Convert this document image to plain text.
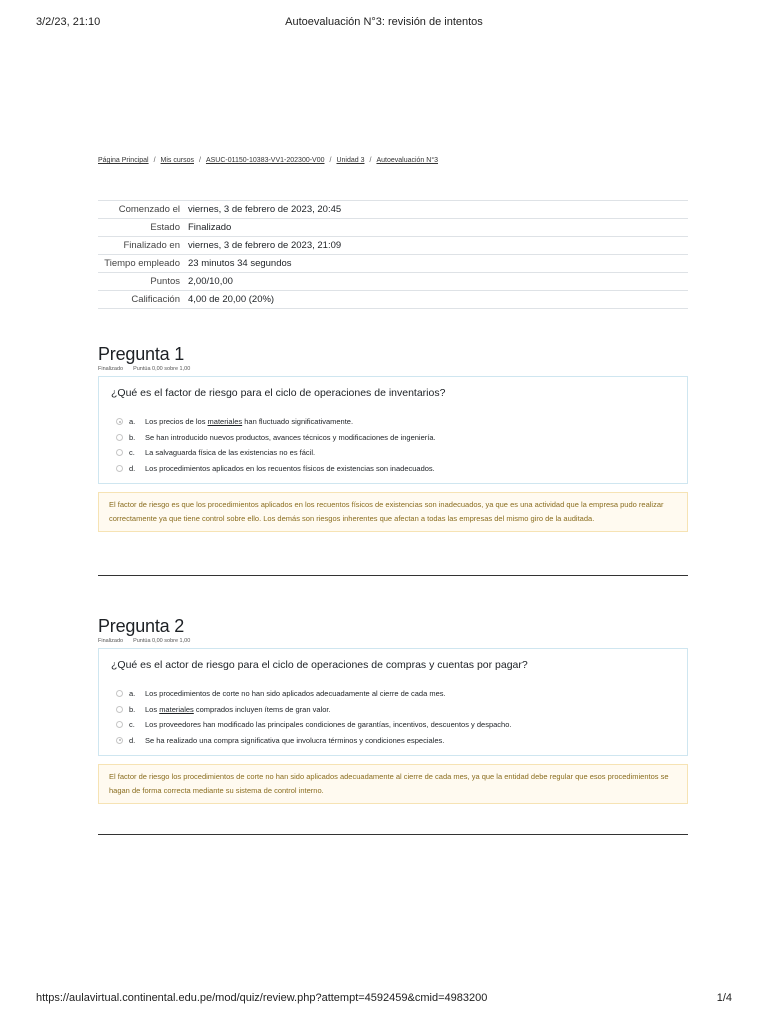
3/2/23, 21:10	Autoevaluación N°3: revisión de intentos
Página Principal / Mis cursos / ASUC-01150-10383-VV1-202300-V00 / Unidad 3 / Autoevaluación N°3
Comenzado el	viernes, 3 de febrero de 2023, 20:45
Estado	Finalizado
Finalizado en	viernes, 3 de febrero de 2023, 21:09
Tiempo empleado	23 minutos 34 segundos
Puntos	2,00/10,00
Calificación	4,00 de 20,00 (20%)
Pregunta 1
Finalizado Puntúa 0,00 sobre 1,00
¿Qué es el factor de riesgo para el ciclo de operaciones de inventarios?
a.	Los precios de los materiales han fluctuado significativamente.
b.	Se han introducido nuevos productos, avances técnicos y modificaciones de ingeniería.
c.	La salvaguarda física de las existencias no es fácil.
d.	Los procedimientos aplicados en los recuentos físicos de existencias son inadecuados.
El factor de riesgo es que los procedimientos aplicados en los recuentos físicos de existencias son inadecuados, ya que es una actividad que la empresa pudo realizar correctamente ya que tiene control sobre ello. Los demás son riesgos inherentes que afectan a todas las empresas del mismo giro de la auditada.
Pregunta 2
Finalizado Puntúa 0,00 sobre 1,00
¿Qué es el actor de riesgo para el ciclo de operaciones de compras y cuentas por pagar?
a.	Los procedimientos de corte no han sido aplicados adecuadamente al cierre de cada mes.
b.	Los materiales comprados incluyen ítems de gran valor.
c.	Los proveedores han modificado las principales condiciones de garantías, incentivos, descuentos y despacho.
d.	Se ha realizado una compra significativa que involucra términos y condiciones especiales.
El factor de riesgo los procedimientos de corte no han sido aplicados adecuadamente al cierre de cada mes, ya que la entidad debe regular que esos procedimientos se hagan de forma correcta mediante su sistema de control interno.
https://aulavirtual.continental.edu.pe/mod/quiz/review.php?attempt=4592459&cmid=4983200	1/4
